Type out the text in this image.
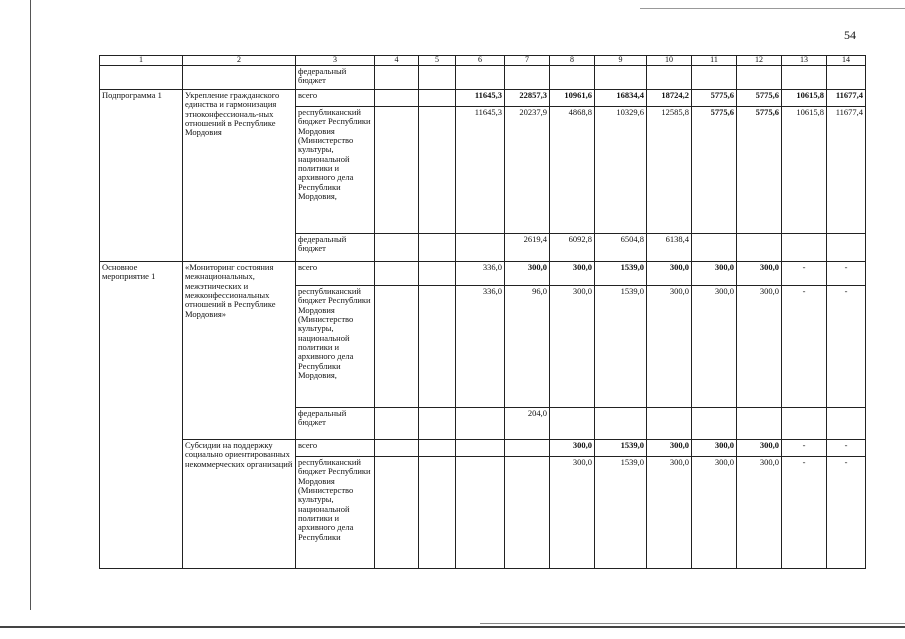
54
1	2	3	4	5	6	7	8	9	10	11	12	13	14
		федеральный бюджет											
Подпрограмма 1	Укрепление гражданского единства и гармонизация этноконфессиональ-ных отношений в Республике Мордовия	всего			11645,3	22857,3	10961,6	16834,4	18724,2	5775,6	5775,6	10615,8	11677,4
		республиканский бюджет Республики Мордовия (Министерство культуры, национальной политики и архивного дела Республики Мордовия,			11645,3	20237,9	4868,8	10329,6	12585,8	5775,6	5775,6	10615,8	11677,4
		федеральный бюджет				2619,4	6092,8	6504,8	6138,4				
Основное мероприятие 1	«Мониторинг состояния межнациональных, межэтнических и межконфессиональных отношений в Республике Мордовия»	всего			336,0	300,0	300,0	1539,0	300,0	300,0	300,0	-	-
		республиканский бюджет Республики Мордовия (Министерство культуры, национальной политики и архивного дела Республики Мордовия,			336,0	96,0	300,0	1539,0	300,0	300,0	300,0	-	-
		федеральный бюджет				204,0							
	Субсидии на поддержку социально ориентированных некоммерческих организаций	всего					300,0	1539,0	300,0	300,0	300,0	-	-
		республиканский бюджет Республики Мордовия (Министерство культуры, национальной политики и архивного дела Республики					300,0	1539,0	300,0	300,0	300,0	-	-
